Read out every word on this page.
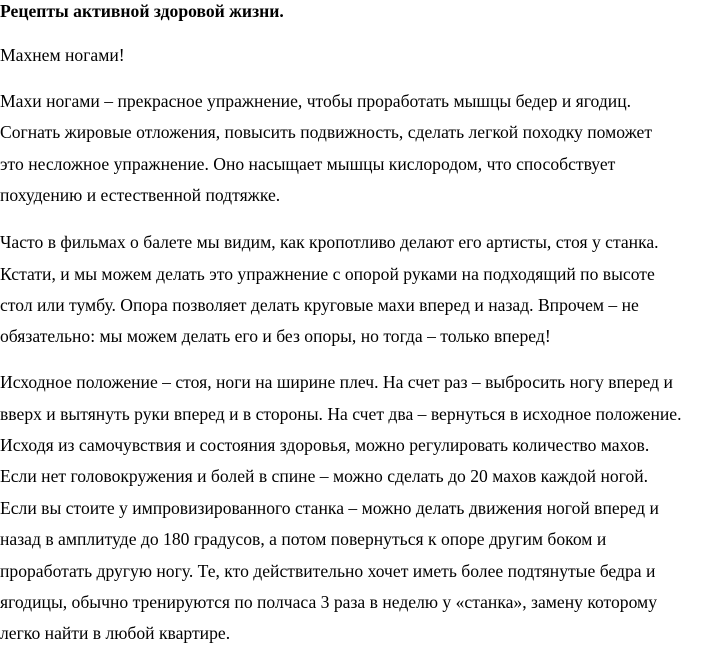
Рецепты активной здоровой жизни.
Махнем ногами!
Махи ногами – прекрасное упражнение, чтобы проработать мышцы бедер и ягодиц.
Согнать жировые отложения, повысить подвижность, сделать легкой походку поможет
это несложное упражнение. Оно насыщает мышцы кислородом, что способствует
похудению и естественной подтяжке.
Часто в фильмах о балете мы видим, как кропотливо делают его артисты, стоя у станка.
Кстати, и мы можем делать это упражнение с опорой руками на подходящий по высоте
стол или тумбу. Опора позволяет делать круговые махи вперед и назад. Впрочем – не
обязательно: мы можем делать его и без опоры, но тогда – только вперед!
Исходное положение – стоя, ноги на ширине плеч. На счет раз – выбросить ногу вперед и
вверх и вытянуть руки вперед и в стороны. На счет два – вернуться в исходное положение.
Исходя из самочувствия и состояния здоровья, можно регулировать количество махов.
Если нет головокружения и болей в спине – можно сделать до 20 махов каждой ногой.
Если вы стоите у импровизированного станка – можно делать движения ногой вперед и
назад в амплитуде до 180 градусов, а потом повернуться к опоре другим боком и
проработать другую ногу. Те, кто действительно хочет иметь более подтянутые бедра и
ягодицы, обычно тренируются по полчаса 3 раза в неделю у «станка», замену которому
легко найти в любой квартире.
